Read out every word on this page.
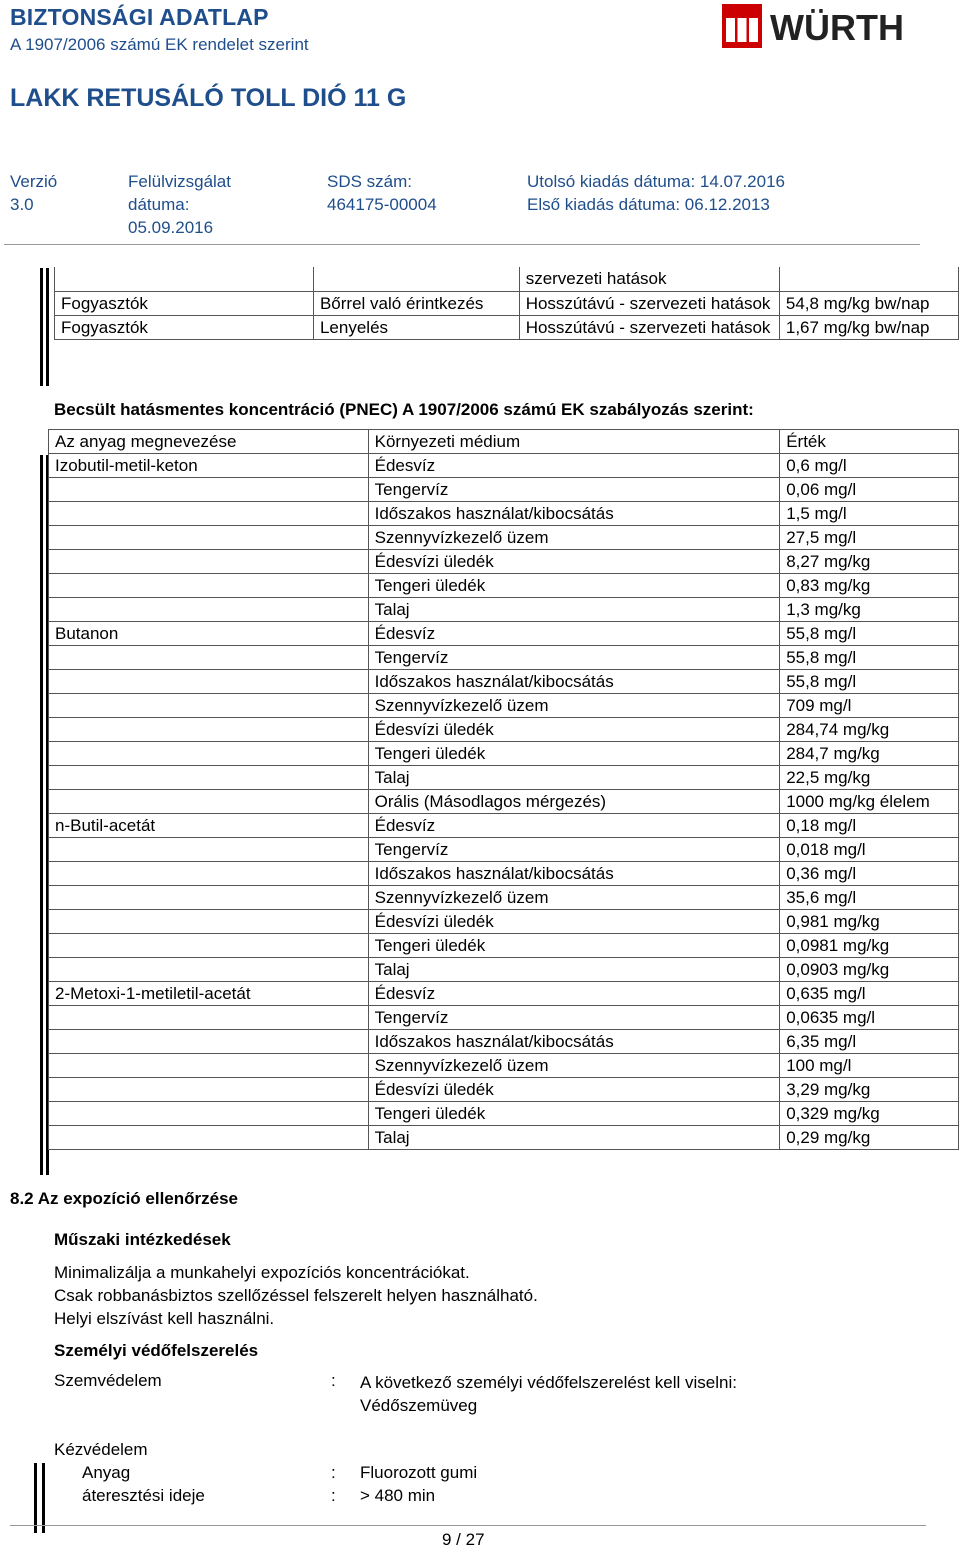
BIZTONSÁGI ADATLAP
A 1907/2006 számú EK rendelet szerint	WÜRTH
LAKK RETUSÁLÓ TOLL DIÓ 11 G
Verzió
3.0
Felülvizsgálat
dátuma:
05.09.2016
SDS szám:
464175-00004
Utolsó kiadás dátuma: 14.07.2016
Első kiadás dátuma: 06.12.2013
		szervezeti hatások	
Fogyasztók	Bőrrel való érintkezés	Hosszútávú - szervezeti hatások	54,8 mg/kg bw/nap
Fogyasztók	Lenyelés	Hosszútávú - szervezeti hatások	1,67 mg/kg bw/nap
Becsült hatásmentes koncentráció (PNEC) A 1907/2006 számú EK szabályozás szerint:
Az anyag megnevezése	Környezeti médium	Érték
Izobutil-metil-keton	Édesvíz	0,6 mg/l
	Tengervíz	0,06 mg/l
	Időszakos használat/kibocsátás	1,5 mg/l
	Szennyvízkezelő üzem	27,5 mg/l
	Édesvízi üledék	8,27 mg/kg
	Tengeri üledék	0,83 mg/kg
	Talaj	1,3 mg/kg
Butanon	Édesvíz	55,8 mg/l
	Tengervíz	55,8 mg/l
	Időszakos használat/kibocsátás	55,8 mg/l
	Szennyvízkezelő üzem	709 mg/l
	Édesvízi üledék	284,74 mg/kg
	Tengeri üledék	284,7 mg/kg
	Talaj	22,5 mg/kg
	Orális (Másodlagos mérgezés)	1000 mg/kg élelem
n-Butil-acetát	Édesvíz	0,18 mg/l
	Tengervíz	0,018 mg/l
	Időszakos használat/kibocsátás	0,36 mg/l
	Szennyvízkezelő üzem	35,6 mg/l
	Édesvízi üledék	0,981 mg/kg
	Tengeri üledék	0,0981 mg/kg
	Talaj	0,0903 mg/kg
2-Metoxi-1-metiletil-acetát	Édesvíz	0,635 mg/l
	Tengervíz	0,0635 mg/l
	Időszakos használat/kibocsátás	6,35 mg/l
	Szennyvízkezelő üzem	100 mg/l
	Édesvízi üledék	3,29 mg/kg
	Tengeri üledék	0,329 mg/kg
	Talaj	0,29 mg/kg
8.2 Az expozíció ellenőrzése
Műszaki intézkedések
Minimalizálja a munkahelyi expozíciós koncentrációkat.
Csak robbanásbiztos szellőzéssel felszerelt helyen használható.
Helyi elszívást kell használni.
Személyi védőfelszerelés
Szemvédelem	: A következő személyi védőfelszerelést kell viselni:
Védőszemüveg
Kézvédelem
Anyag	: Fluorozott gumi
áteresztési ideje	: > 480 min
9 / 27
